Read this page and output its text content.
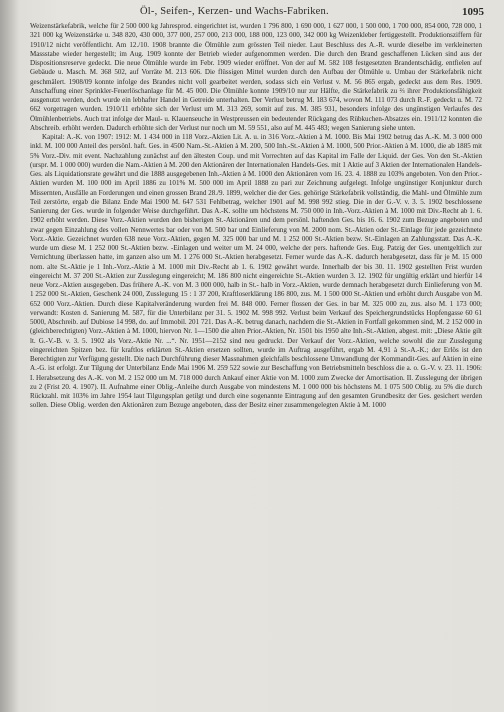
Öl-, Seifen-, Kerzen- und Wachs-Fabriken.	1095

Weizenstärkefabrik, welche für 2 500 000 kg Jahresprod. eingerichtet ist, wurden 1 796 800, 1 690 000, 1 627 000, 1 500 000, 1 700 000, 854 000, 728 000, 1 321 000 kg Weizenstärke u. 348 820, 430 000, 377 000, 257 000, 213 000, 188 000, 123 000, 342 000 kg Weizenkleber fertiggestellt. Produktionsziffern für 1910/12 nicht veröffentlicht. Am 12./10. 1908 brannte die Ölmühle zum grössten Teil nieder. Laut Beschluss des A.-R. wurde dieselbe im verkleinerten Massstabe wieder hergestellt; im Aug. 1909 konnte der Betrieb wieder aufgenommen werden. Die durch den Brand geschaffenen Lücken sind aus der Dispositionsreserve gedeckt. Die neue Ölmühle wurde im Febr. 1909 wieder eröffnet. Von der auf M. 582 108 festgesetzten Brandentschädig. entfielen auf Gebäude u. Masch. M. 368 502, auf Vorräte M. 213 606. Die flüssigen Mittel wurden durch den Aufbau der Ölmühle u. Umbau der Stärkefabrik nicht geschmälert. 1908/09 konnte infolge des Brandes nicht voll gearbeitet werden, sodass sich ein Verlust v. M. 56 865 ergab, gedeckt aus dem Res. 1909. Anschaffung einer Sprinkler-Feuerlöschanlage für M. 45 000. Die Ölmühle konnte 1909/10 nur zur Hälfte, die Stärkefabrik zu ⅔ ihrer Produktionsfähigkeit ausgenutzt werden, doch wurde ein lebhafter Handel in Getreide unterhalten. Der Verlust betrug M. 183 674, wovon M. 111 073 durch R.-F. gedeckt u. M. 72 662 vorgetragen wurden. 1910/11 erhöhte sich der Verlust um M. 313 269, somit auf zus. M. 385 931, besonders infolge des ungünstigen Verlaufes des Ölmühlenbetriebs. Auch trat infolge der Maul- u. Klauenseuche in Westpreussen ein bedeutender Rückgang des Rübkuchen-Absatzes ein. 1911/12 konnten die Abschreib. erhöht werden. Dadurch erhöhte sich der Verlust nur noch um M. 59 551, also auf M. 445 483; wegen Sanierung siehe unten.

Kapital: A.-K. von 1907: 1912: M. 1 434 000 in 118 Vorz.-Aktien Lit. A. u. in 316 Vorz.-Aktien à M. 1000. Bis Mai 1902 betrug das A.-K. M. 3 000 000 inkl. M. 100 000 Anteil des persönl. haft. Ges. in 4500 Nam.-St.-Aktien à M. 200, 500 Inh.-St.-Aktien à M. 1000, 500 Prior.-Aktien à M. 1000, die ab 1885 mit 5% Vorz.-Div. mit event. Nachzahlung zunächst auf den ältesten Coup. und mit Vorrechten auf das Kapital im Falle der Liquid. der Ges. Von den St.-Aktien (urspr. M. 1 000 000) wurden die Nam.-Aktien à M. 200 den Aktionären der Internationalen Handels-Ges. mit 1 Aktie auf 3 Aktien der Internationalen Handels-Ges. als Liquidationsrate gewährt und die 1888 ausgegebenen Inh.-Aktien à M. 1000 den Aktionären vom 16. 23. 4. 1888 zu 103% angeboten. Von den Prior.-Aktien wurden M. 100 000 im April 1886 zu 101% M. 500 000 im April 1888 zu pari zur Zeichnung aufgelegt. Infolge ungünstiger Konjunktur durch Missernten, Ausfälle an Forderungen und einen grossen Brand 28./9. 1899, welcher die der Ges. gehörige Stärkefabrik vollständig, die Mahl- und Ölmühle zum Teil zerstörte, ergab die Bilanz Ende Mai 1900 M. 647 531 Fehlbetrag, welcher 1901 auf M. 998 992 stieg. Die in der G.-V. v. 3. 5. 1902 beschlossene Sanierung der Ges. wurde in folgender Weise durchgeführt. Das A.-K. sollte um höchstens M. 750 000 in Inh.-Vorz.-Aktien à M. 1000 mit Div.-Recht ab 1. 6. 1902 erhöht werden. Diese Vorz.-Aktien wurden den bisherigen St.-Aktionären und dem persönl. haftenden Ges. bis 16. 6. 1902 zum Bezuge angeboten und zwar gegen Einzahlung des vollen Nennwertes bar oder von M. 500 bar und Einlieferung von M. 2000 nom. St.-Aktien oder St.-Einlage für jede gezeichnete Vorz.-Aktie. Gezeichnet wurden 638 neue Vorz.-Aktien, gegen M. 325 000 bar und M. 1 252 000 St.-Aktien bezw. St.-Einlagen an Zahlungsstatt. Das A.-K. wurde um diese M. 1 252 000 St.-Aktien bezw. -Einlagen und weiter um M. 24 000, welche der pers. haftende Ges. Eug. Patzig der Ges. unentgeltlich zur Vernichtung überlassen hatte, im ganzen also um M. 1 276 000 St.-Aktien herabgesetzt. Ferner wurde das A.-K. dadurch herabgesetzt, dass für je M. 15 000 nom. alte St.-Aktie je 1 Inh.-Vorz.-Aktie à M. 1000 mit Div.-Recht ab 1. 6. 1902 gewährt wurde. Innerhalb der bis 30. 11. 1902 gestellten Frist wurden eingereicht M. 37 200 St.-Aktien zur Zusslegung eingereicht; M. 186 800 nicht eingereichte St.-Aktien wurden 3. 12. 1902 für ungültig erklärt und hierfür 14 neue Vorz.-Aktien ausgegeben. Das frühere A.-K. von M. 3 000 000, halb in St.- halb in Vorz.-Aktien, wurde demnach herabgesetzt durch Einlieferung von M. 1 252 000 St.-Aktien, Geschenk 24 000, Zusslegung 15 : 1 37 200, Kraftloserklärung 186 800, zus. M. 1 500 000 St.-Aktien und erhöht durch Ausgabe von M. 652 000 Vorz.-Aktien. Durch diese Kapitalveränderung wurden frei M. 848 000. Ferner flossen der Ges. in bar M. 325 000 zu, zus. also M. 1 173 000; verwandt: Kosten d. Sanierung M. 587, für die Unterbilanz per 31. 5. 1902 M. 998 992. Verlust beim Verkauf des Speichergrundstücks Hopfengasse 60 61 5000, Abschreib. auf Dubiose 14 998, do. auf Immobil. 201 721. Das A.-K. betrug danach, nachdem die St.-Aktien in Fortfall gekommen sind, M. 2 152 000 in (gleichberechtigten) Vorz.-Aktien à M. 1000, hiervon Nr. 1—1500 die alten Prior.-Aktien, Nr. 1501 bis 1950 alte Inh.-St.-Aktien, abgest. mit: „Diese Aktie gilt lt. G.-V.-B. v. 3. 5. 1902 als Vorz.-Aktie Nr. ...“. Nr. 1951—2152 sind neu gedruckt. Der Verkauf der Vorz.-Aktien, welche sowohl die zur Zusslegung eingereichten Spitzen bez. für kraftlos erklärten St.-Aktien ersetzen sollten, wurde im Auftrag ausgeführt, ergab M. 4,91 à St.-A.-K.; der Erlös ist den Berechtigten zur Verfügung gestellt. Die nach Durchführung dieser Massnahmen gleichfalls beschlossene Umwandlung der Kommandit-Ges. auf Aktien in eine A.-G. ist erfolgt. Zur Tilgung der Unterbilanz Ende Mai 1906 M. 259 522 sowie zur Beschaffung von Betriebsmitteln beschloss die a. o. G.-V. v. 23. 11. 1906: I. Herabsetzung des A.-K. von M. 2 152 000 um M. 718 000 durch Ankauf einer Aktie von M. 1000 zum Zwecke der Amortisation. II. Zusslegung der übrigen zu 2 (Frist 20. 4. 1907). II. Aufnahme einer Oblig.-Anleihe durch Ausgabe von mindestens M. 1 000 000 bis höchstens M. 1 075 500 Oblig. zu 5% die durch Rückzahl. mit 103% im Jahre 1954 laut Tilgungsplan getilgt und durch eine sogenannte Eintragung auf den gesamten Grundbesitz der Ges. gesichert werden sollen. Diese Oblig. werden den Aktionären zum Bezuge angeboten, dass der Besitz einer zusammengelegten Aktie à M. 1000
